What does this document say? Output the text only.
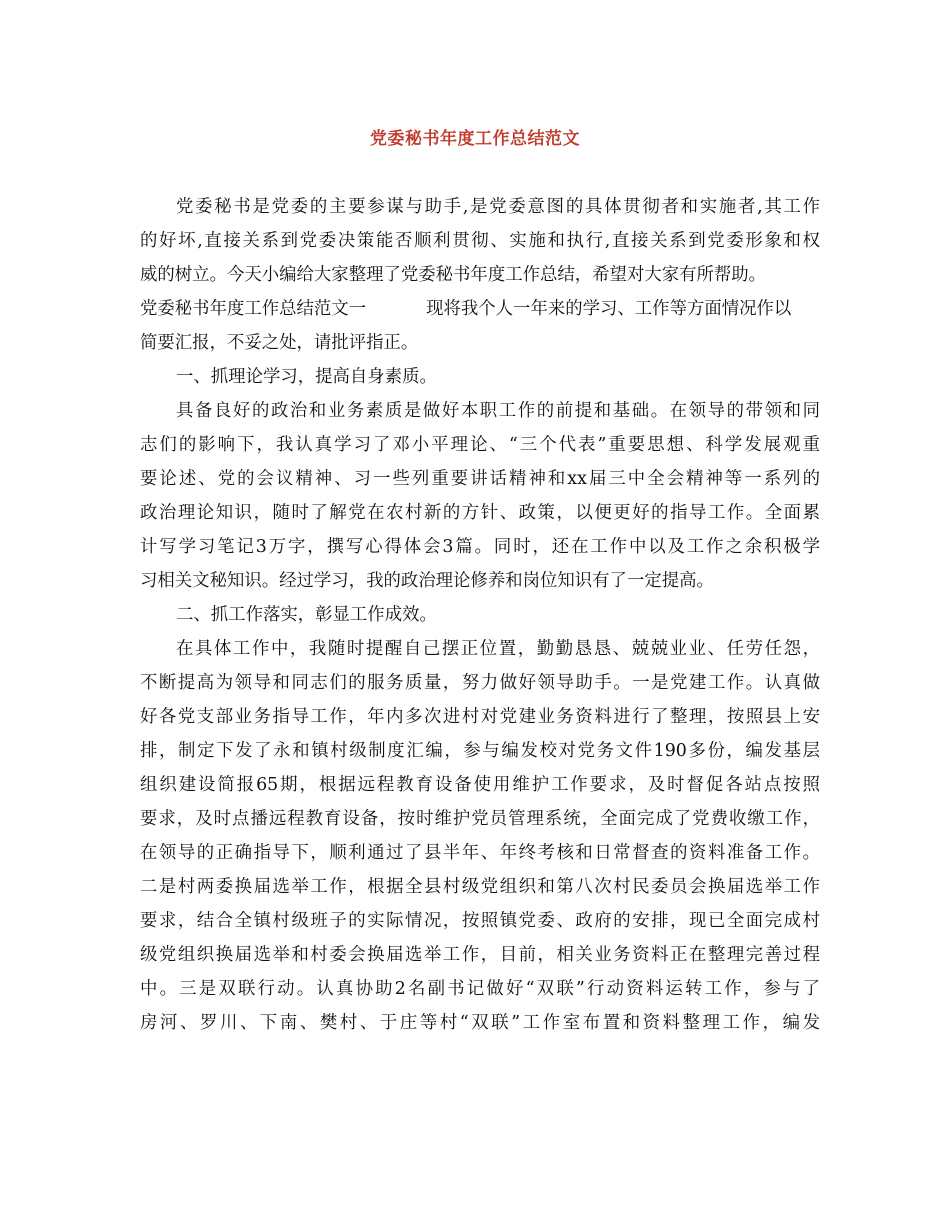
党委秘书年度工作总结范文
党委秘书是党委的主要参谋与助手,是党委意图的具体贯彻者和实施者,其工作
的好坏,直接关系到党委决策能否顺利贯彻、实施和执行,直接关系到党委形象和权
威的树立。今天小编给大家整理了党委秘书年度工作总结，希望对大家有所帮助。
党委秘书年度工作总结范文一	现将我个人一年来的学习、工作等方面情况作以
简要汇报，不妥之处，请批评指正。
一、抓理论学习，提高自身素质。
具备良好的政治和业务素质是做好本职工作的前提和基础。在领导的带领和同
志们的影响下，我认真学习了邓小平理论、“三个代表”重要思想、科学发展观重
要论述、党的会议精神、习一些列重要讲话精神和xx届三中全会精神等一系列的
政治理论知识，随时了解党在农村新的方针、政策，以便更好的指导工作。全面累
计写学习笔记3万字，撰写心得体会3篇。同时，还在工作中以及工作之余积极学
习相关文秘知识。经过学习，我的政治理论修养和岗位知识有了一定提高。
二、抓工作落实，彰显工作成效。
在具体工作中，我随时提醒自己摆正位置，勤勤恳恳、兢兢业业、任劳任怨，
不断提高为领导和同志们的服务质量，努力做好领导助手。一是党建工作。认真做
好各党支部业务指导工作，年内多次进村对党建业务资料进行了整理，按照县上安
排，制定下发了永和镇村级制度汇编，参与编发校对党务文件190多份，编发基层
组织建设简报65期，根据远程教育设备使用维护工作要求，及时督促各站点按照
要求，及时点播远程教育设备，按时维护党员管理系统，全面完成了党费收缴工作，
在领导的正确指导下，顺利通过了县半年、年终考核和日常督查的资料准备工作。
二是村两委换届选举工作，根据全县村级党组织和第八次村民委员会换届选举工作
要求，结合全镇村级班子的实际情况，按照镇党委、政府的安排，现已全面完成村
级党组织换届选举和村委会换届选举工作，目前，相关业务资料正在整理完善过程
中。三是双联行动。认真协助2名副书记做好“双联”行动资料运转工作，参与了
房河、罗川、下南、樊村、于庄等村“双联”工作室布置和资料整理工作，编发
